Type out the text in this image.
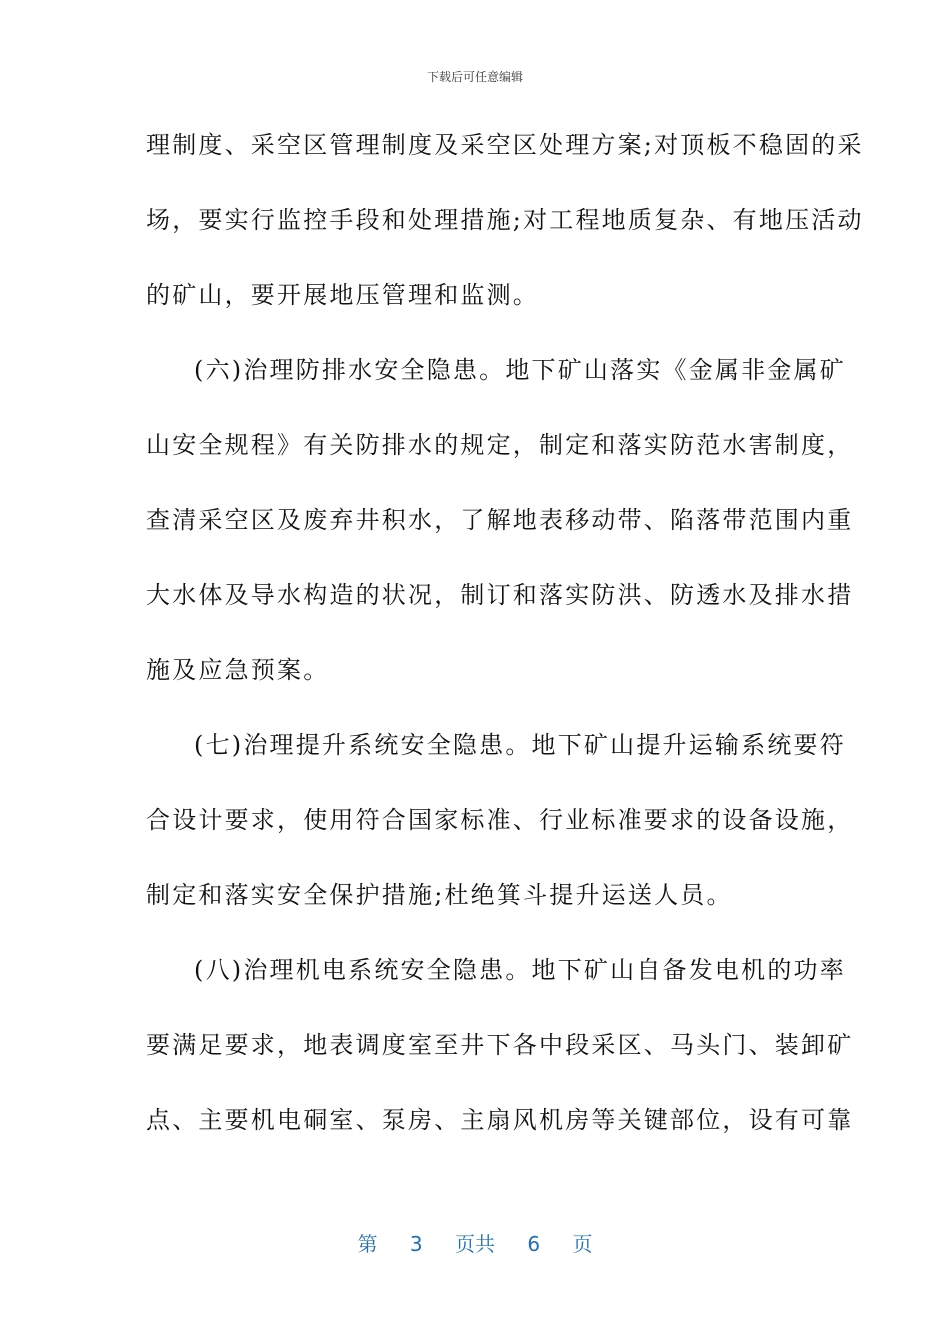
下载后可任意编辑
理制度、采空区管理制度及采空区处理方案;对顶板不稳固的采
场，要实行监控手段和处理措施;对工程地质复杂、有地压活动
的矿山，要开展地压管理和监测。
(六)治理防排水安全隐患。地下矿山落实《金属非金属矿
山安全规程》有关防排水的规定，制定和落实防范水害制度，
查清采空区及废弃井积水，了解地表移动带、陷落带范围内重
大水体及导水构造的状况，制订和落实防洪、防透水及排水措
施及应急预案。
(七)治理提升系统安全隐患。地下矿山提升运输系统要符
合设计要求，使用符合国家标准、行业标准要求的设备设施，
制定和落实安全保护措施;杜绝箕斗提升运送人员。
(八)治理机电系统安全隐患。地下矿山自备发电机的功率
要满足要求，地表调度室至井下各中段采区、马头门、装卸矿
点、主要机电硐室、泵房、主扇风机房等关键部位，设有可靠
第 3 页共 6 页
